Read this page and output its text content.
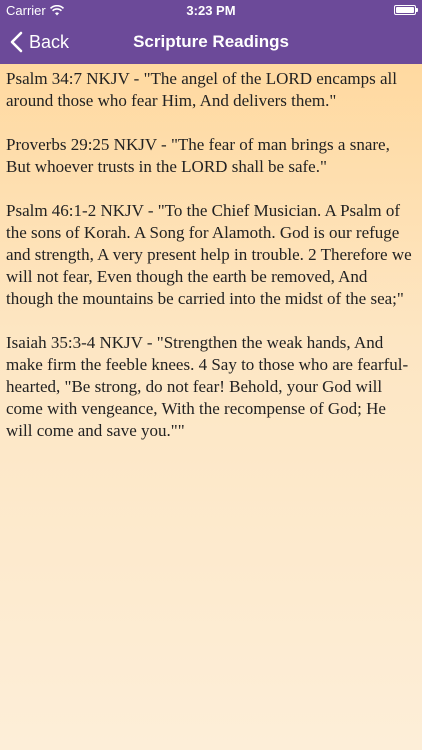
Carrier	3:23 PM
Back	Scripture Readings

Psalm 34:7 NKJV - "The angel of the LORD encamps all around those who fear Him, And delivers them."

Proverbs 29:25 NKJV - "The fear of man brings a snare, But whoever trusts in the LORD shall be safe."

Psalm 46:1-2 NKJV - "To the Chief Musician. A Psalm of the sons of Korah. A Song for Alamoth. God is our refuge and strength, A very present help in trouble. 2 Therefore we will not fear, Even though the earth be removed, And though the mountains be carried into the midst of the sea;"

Isaiah 35:3-4 NKJV - "Strengthen the weak hands, And make firm the feeble knees. 4 Say to those who are fearful-hearted, "Be strong, do not fear! Behold, your God will come with vengeance, With the recompense of God; He will come and save you.""
